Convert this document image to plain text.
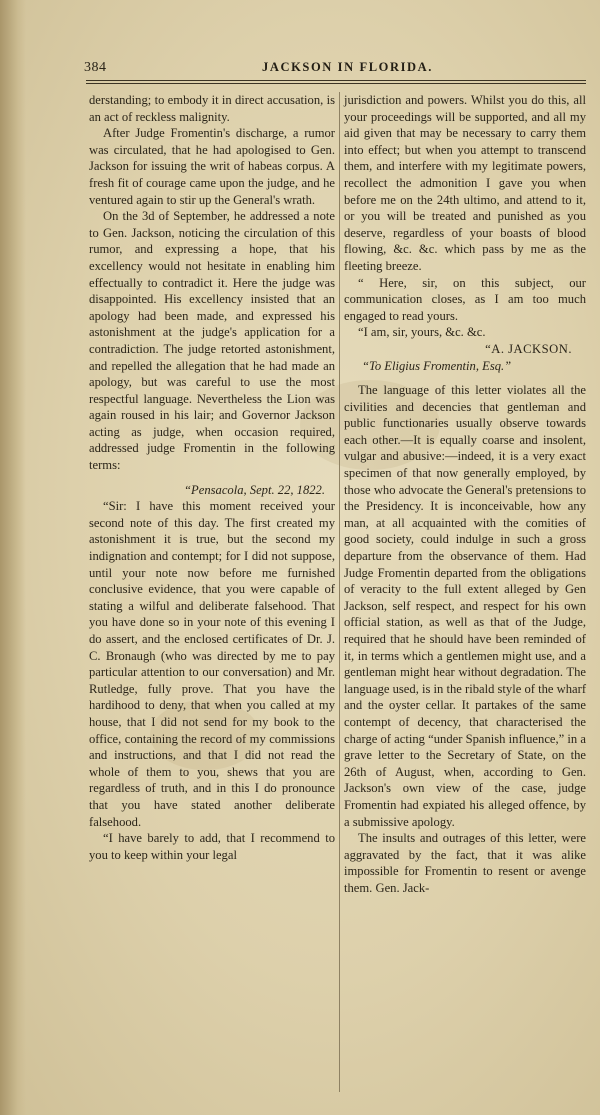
384	JACKSON IN FLORIDA.

derstanding; to embody it in direct accusation, is an act of reckless malignity.

After Judge Fromentin's discharge, a rumor was circulated, that he had apologised to Gen. Jackson for issuing the writ of habeas corpus. A fresh fit of courage came upon the judge, and he ventured again to stir up the General's wrath.

On the 3d of September, he addressed a note to Gen. Jackson, noticing the circulation of this rumor, and expressing a hope, that his excellency would not hesitate in enabling him effectually to contradict it. Here the judge was disappointed. His excellency insisted that an apology had been made, and expressed his astonishment at the judge's application for a contradiction. The judge retorted astonishment, and repelled the allegation that he had made an apology, but was careful to use the most respectful language. Nevertheless the Lion was again roused in his lair; and Governor Jackson acting as judge, when occasion required, addressed judge Fromentin in the following terms:

“Pensacola, Sept. 22, 1822.

“Sir: I have this moment received your second note of this day. The first created my astonishment it is true, but the second my indignation and contempt; for I did not suppose, until your note now before me furnished conclusive evidence, that you were capable of stating a wilful and deliberate falsehood. That you have done so in your note of this evening I do assert, and the enclosed certificates of Dr. J. C. Bronaugh (who was directed by me to pay particular attention to our conversation) and Mr. Rutledge, fully prove. That you have the hardihood to deny, that when you called at my house, that I did not send for my book to the office, containing the record of my commissions and instructions, and that I did not read the whole of them to you, shews that you are regardless of truth, and in this I do pronounce that you have stated another deliberate falsehood.

“I have barely to add, that I recommend to you to keep within your legal

jurisdiction and powers. Whilst you do this, all your proceedings will be supported, and all my aid given that may be necessary to carry them into effect; but when you attempt to transcend them, and interfere with my legitimate powers, recollect the admonition I gave you when before me on the 24th ultimo, and attend to it, or you will be treated and punished as you deserve, regardless of your boasts of blood flowing, &c. &c. which pass by me as the fleeting breeze.

“ Here, sir, on this subject, our communication closes, as I am too much engaged to read yours.

“I am, sir, yours, &c. &c.

“A. JACKSON.

“To Eligius Fromentin, Esq.”

The language of this letter violates all the civilities and decencies that gentleman and public functionaries usually observe towards each other.—It is equally coarse and insolent, vulgar and abusive:—indeed, it is a very exact specimen of that now generally employed, by those who advocate the General's pretensions to the Presidency. It is inconceivable, how any man, at all acquainted with the comities of good society, could indulge in such a gross departure from the observance of them. Had Judge Fromentin departed from the obligations of veracity to the full extent alleged by Gen Jackson, self respect, and respect for his own official station, as well as that of the Judge, required that he should have been reminded of it, in terms which a gentlemen might use, and a gentleman might hear without degradation. The language used, is in the ribald style of the wharf and the oyster cellar. It partakes of the same contempt of decency, that characterised the charge of acting “under Spanish influence,” in a grave letter to the Secretary of State, on the 26th of August, when, according to Gen. Jackson's own view of the case, judge Fromentin had expiated his alleged offence, by a submissive apology.

The insults and outrages of this letter, were aggravated by the fact, that it was alike impossible for Fromentin to resent or avenge them. Gen. Jack-
